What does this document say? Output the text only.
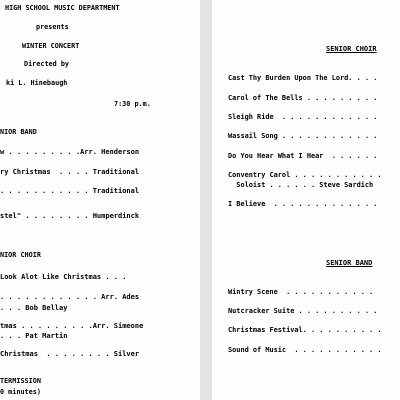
HIGH SCHOOL MUSIC DEPARTMENT
presents
WINTER CONCERT
Directed by
ki L. Hinebaugh
7:30 p.m.
NIOR BAND
w . . . . . . . . .Arr. Henderson
ry Christmas  . . . . Traditional
. . . . . . . . . . . Traditional
stel" . . . . . . . . Humperdinck
NIOR CHOIR
Look Alot Like Christmas . . .
. . . . . . . . . . . . Arr. Ades
. . . Bob Bellay
tmas . . . . . . . . .Arr. Simeone
. . . Pat Martin
Christmas  . . . . . . . . Silver
TERMISSION
0 minutes)
SENIOR CHOIR
Cast Thy Burden Upon The Lord. . . .
Carol of The Bells . . . . . . . . .
Sleigh Ride  . . . . . . . . . . . .
Wassail Song . . . . . . . . . . . .
Do You Hear What I Hear  . . . . . .
Conventry Carol . . . . . . . . . . .
Soloist . . . . . . Steve Sardich
I Believe  . . . . . . . . . . . . .
SENIOR BAND
Wintry Scene  . . . . . . . . . . .
Nutcracker Suite . . . . . . . . . .
Christmas Festival. . . . . . . . . .
Sound of Music  . . . . . . . . . . .
